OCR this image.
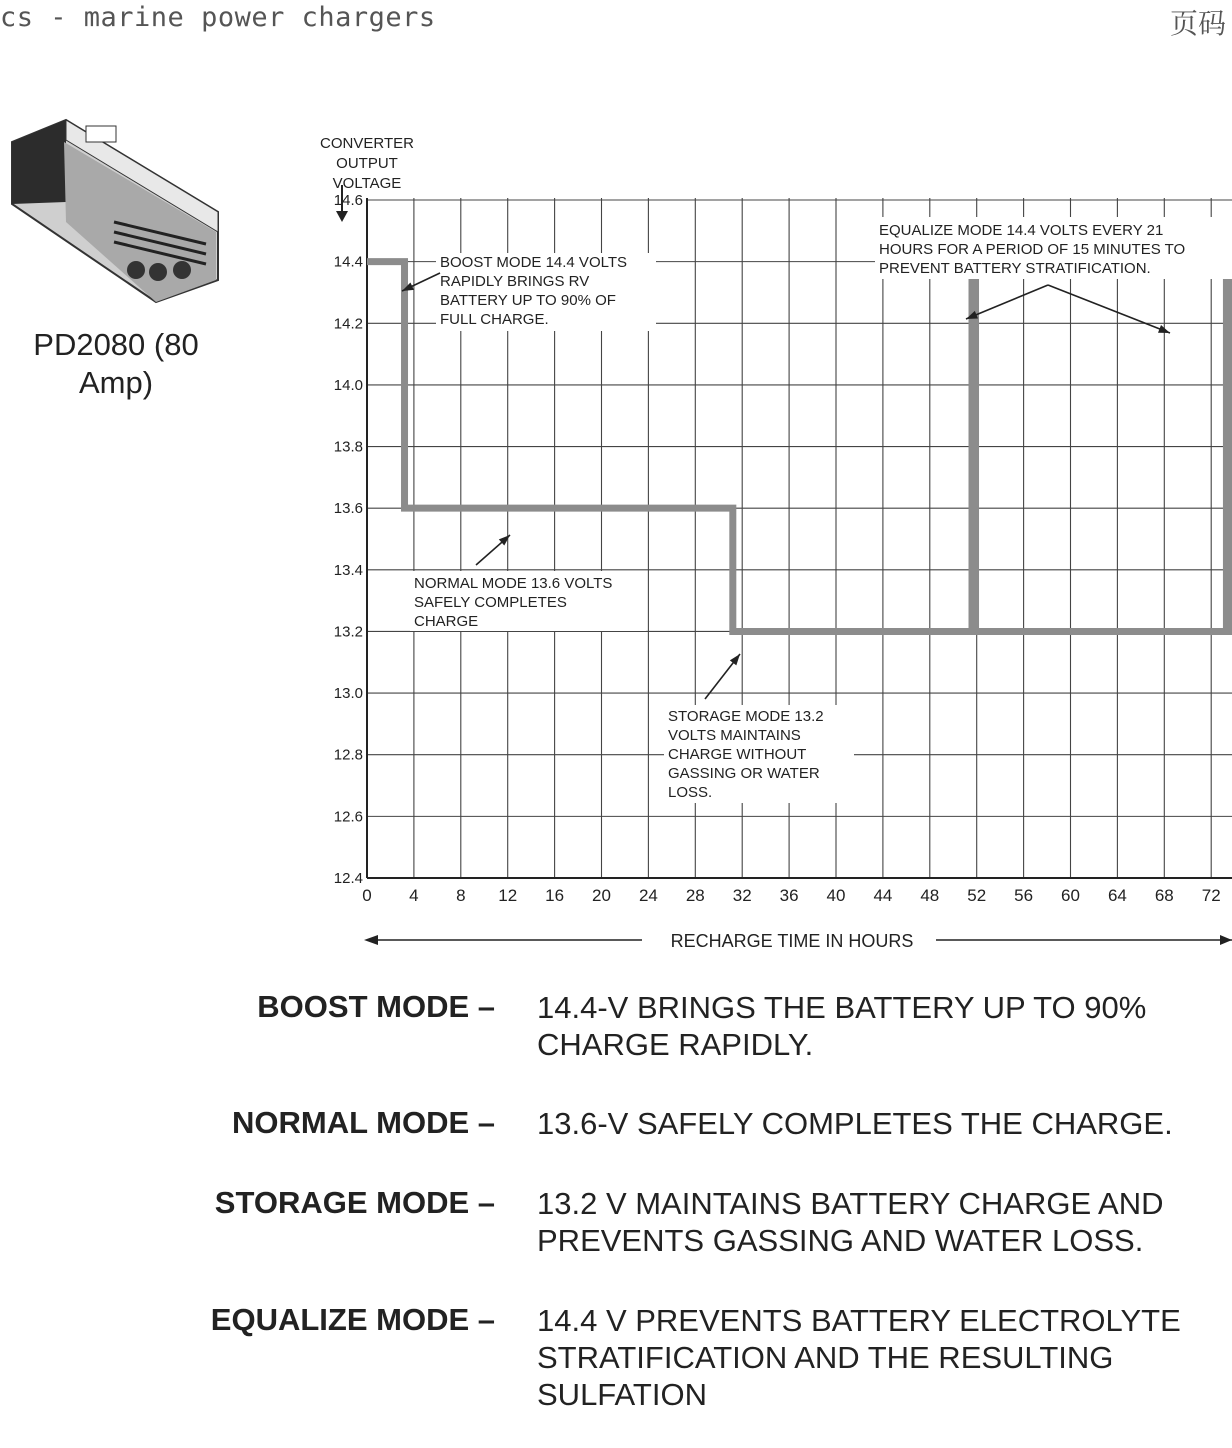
cs - marine power chargers	页码
PD2080 (80 Amp)
0 4 8 12 16 20 24 28 32 36 40 44 48 52 56 60 64 68 72
12.4
12.6
12.8
13.0
13.2
13.4
13.6
13.8
14.0
14.2
14.4
14.6
CONVERTER
OUTPUT
VOLTAGE
RECHARGE TIME IN HOURS
BOOST MODE 14.4 VOLTS
RAPIDLY BRINGS RV
BATTERY UP TO 90% OF
FULL CHARGE.
NORMAL MODE 13.6 VOLTS
SAFELY COMPLETES
CHARGE
STORAGE MODE 13.2
VOLTS MAINTAINS
CHARGE WITHOUT
GASSING OR WATER
LOSS.
EQUALIZE MODE 14.4 VOLTS EVERY 21
HOURS FOR A PERIOD OF 15 MINUTES TO
PREVENT BATTERY STRATIFICATION.
BOOST MODE – 14.4-V BRINGS THE BATTERY UP TO 90%
CHARGE RAPIDLY.
NORMAL MODE – 13.6-V SAFELY COMPLETES THE CHARGE.
STORAGE MODE – 13.2 V MAINTAINS BATTERY CHARGE AND
PREVENTS GASSING AND WATER LOSS.
EQUALIZE MODE – 14.4 V PREVENTS BATTERY ELECTROLYTE
STRATIFICATION AND THE RESULTING
SULFATION
